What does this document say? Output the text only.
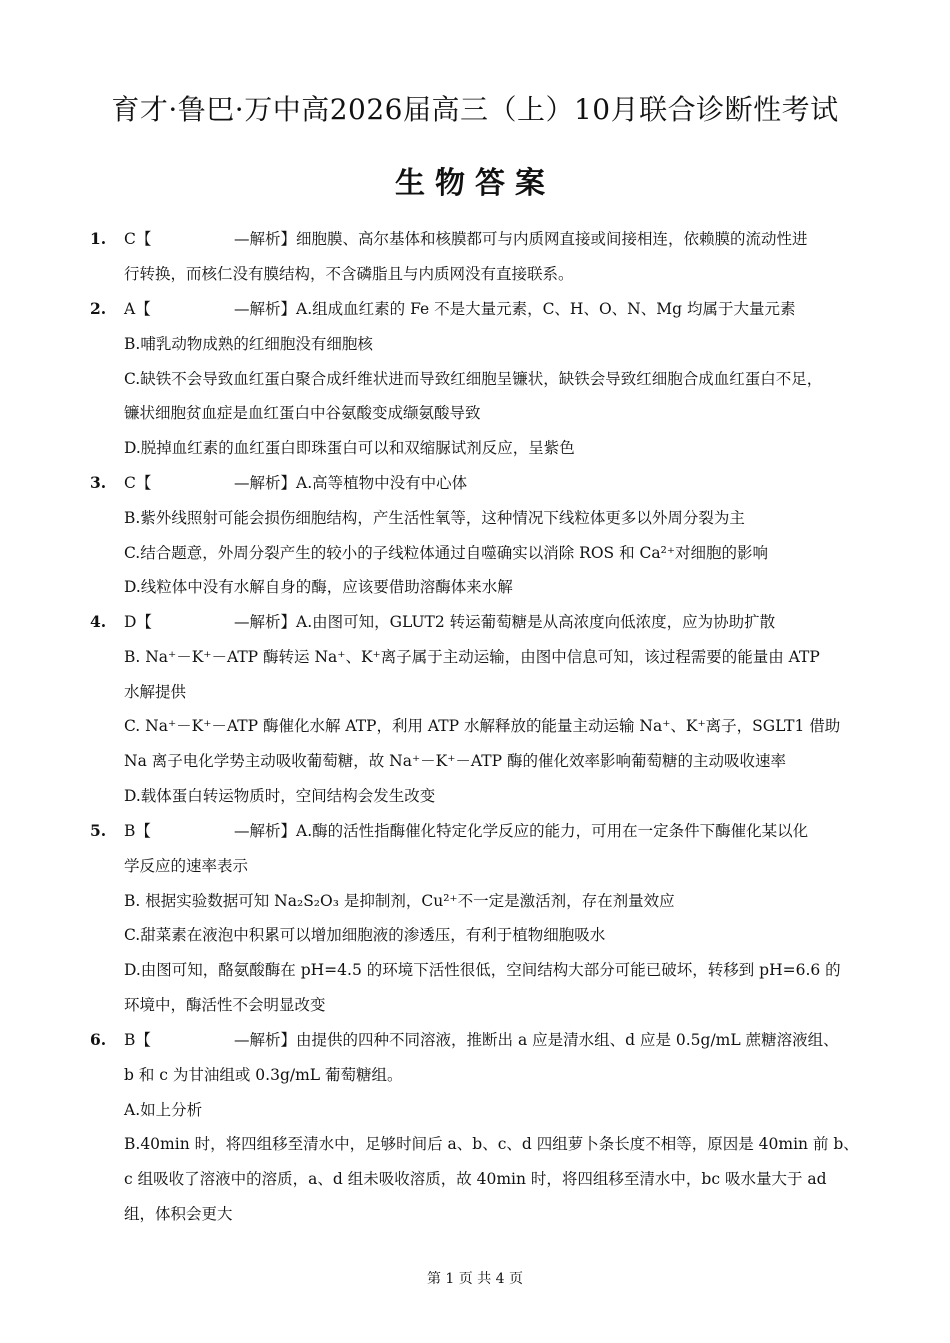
育才·鲁巴·万中高2026届高三（上）10月联合诊断性考试
生物答案
1. C【	—解析】细胞膜、高尔基体和核膜都可与内质网直接或间接相连，依赖膜的流动性进
行转换，而核仁没有膜结构，不含磷脂且与内质网没有直接联系。
2. A【	—解析】A.组成血红素的 Fe 不是大量元素，C、H、O、N、Mg 均属于大量元素
B.哺乳动物成熟的红细胞没有细胞核
C.缺铁不会导致血红蛋白聚合成纤维状进而导致红细胞呈镰状，缺铁会导致红细胞合成血红蛋白不足，
镰状细胞贫血症是血红蛋白中谷氨酸变成缬氨酸导致
D.脱掉血红素的血红蛋白即珠蛋白可以和双缩脲试剂反应，呈紫色
3. C【	—解析】A.高等植物中没有中心体
B.紫外线照射可能会损伤细胞结构，产生活性氧等，这种情况下线粒体更多以外周分裂为主
C.结合题意，外周分裂产生的较小的子线粒体通过自噬确实以消除 ROS 和 Ca²⁺对细胞的影响
D.线粒体中没有水解自身的酶，应该要借助溶酶体来水解
4. D【	—解析】A.由图可知，GLUT2 转运葡萄糖是从高浓度向低浓度，应为协助扩散
B. Na⁺－K⁺－ATP 酶转运 Na⁺、K⁺离子属于主动运输，由图中信息可知，该过程需要的能量由 ATP
水解提供
C. Na⁺－K⁺－ATP 酶催化水解 ATP，利用 ATP 水解释放的能量主动运输 Na⁺、K⁺离子，SGLT1 借助
Na 离子电化学势主动吸收葡萄糖，故 Na⁺－K⁺－ATP 酶的催化效率影响葡萄糖的主动吸收速率
D.载体蛋白转运物质时，空间结构会发生改变
5. B【	—解析】A.酶的活性指酶催化特定化学反应的能力，可用在一定条件下酶催化某以化
学反应的速率表示
B. 根据实验数据可知 Na₂S₂O₃ 是抑制剂，Cu²⁺不一定是激活剂，存在剂量效应
C.甜菜素在液泡中积累可以增加细胞液的渗透压，有利于植物细胞吸水
D.由图可知，酪氨酸酶在 pH=4.5 的环境下活性很低，空间结构大部分可能已破坏，转移到 pH=6.6 的
环境中，酶活性不会明显改变
6. B【	—解析】由提供的四种不同溶液，推断出 a 应是清水组、d 应是 0.5g/mL 蔗糖溶液组、
b 和 c 为甘油组或 0.3g/mL 葡萄糖组。
A.如上分析
B.40min 时，将四组移至清水中，足够时间后 a、b、c、d 四组萝卜条长度不相等，原因是 40min 前 b、
c 组吸收了溶液中的溶质，a、d 组未吸收溶质，故 40min 时，将四组移至清水中，bc 吸水量大于 ad
组，体积会更大
第 1 页 共 4 页
